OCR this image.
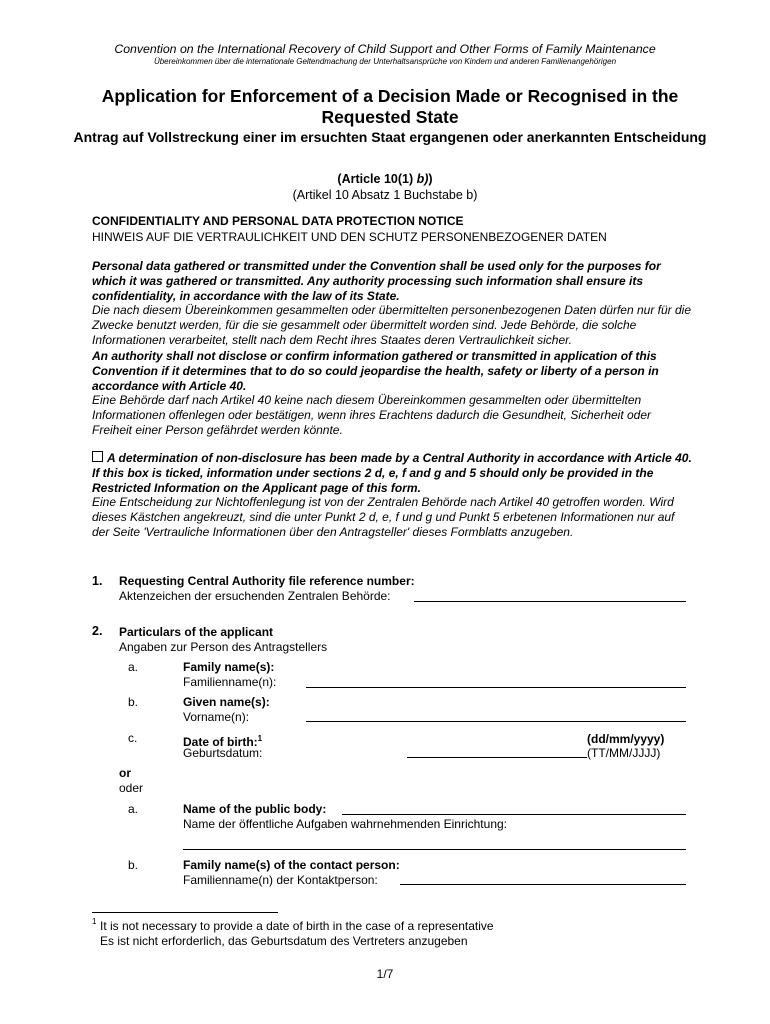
Convention on the International Recovery of Child Support and Other Forms of Family Maintenance
Übereinkommen über die internationale Geltendmachung der Unterhaltsansprüche von Kindern und anderen Familienangehörigen
Application for Enforcement of a Decision Made or Recognised in the Requested State
Antrag auf Vollstreckung einer im ersuchten Staat ergangenen oder anerkannten Entscheidung
(Article 10(1) b))
(Artikel 10 Absatz 1 Buchstabe b)
CONFIDENTIALITY AND PERSONAL DATA PROTECTION NOTICE
HINWEIS AUF DIE VERTRAULICHKEIT UND DEN SCHUTZ PERSONENBEZOGENER DATEN
Personal data gathered or transmitted under the Convention shall be used only for the purposes for which it was gathered or transmitted. Any authority processing such information shall ensure its confidentiality, in accordance with the law of its State.
Die nach diesem Übereinkommen gesammelten oder übermittelten personenbezogenen Daten dürfen nur für die Zwecke benutzt werden, für die sie gesammelt oder übermittelt worden sind. Jede Behörde, die solche Informationen verarbeitet, stellt nach dem Recht ihres Staates deren Vertraulichkeit sicher.
An authority shall not disclose or confirm information gathered or transmitted in application of this Convention if it determines that to do so could jeopardise the health, safety or liberty of a person in accordance with Article 40.
Eine Behörde darf nach Artikel 40 keine nach diesem Übereinkommen gesammelten oder übermittelten Informationen offenlegen oder bestätigen, wenn ihres Erachtens dadurch die Gesundheit, Sicherheit oder Freiheit einer Person gefährdet werden könnte.
A determination of non-disclosure has been made by a Central Authority in accordance with Article 40. If this box is ticked, information under sections 2 d, e, f and g and 5 should only be provided in the Restricted Information on the Applicant page of this form.
Eine Entscheidung zur Nichtoffenlegung ist von der Zentralen Behörde nach Artikel 40 getroffen worden. Wird dieses Kästchen angekreuzt, sind die unter Punkt 2 d, e, f und g und Punkt 5 erbetenen Informationen nur auf der Seite 'Vertrauliche Informationen über den Antragsteller' dieses Formblatts anzugeben.
1. Requesting Central Authority file reference number:
Aktenzeichen der ersuchenden Zentralen Behörde:
2. Particulars of the applicant
Angaben zur Person des Antragstellers
a.	Family name(s):
Familienname(n):
b.	Given name(s):
Vorname(n):
c.	Date of birth:$^1$
Geburtsdatum:
(dd/mm/yyyy)
(TT/MM/JJJJ)
or
oder
a.	Name of the public body:
Name der öffentliche Aufgaben wahrnehmenden Einrichtung:
b.	Family name(s) of the contact person:
Familienname(n) der Kontaktperson:
1 It is not necessary to provide a date of birth in the case of a representative
Es ist nicht erforderlich, das Geburtsdatum des Vertreters anzugeben
1/7
